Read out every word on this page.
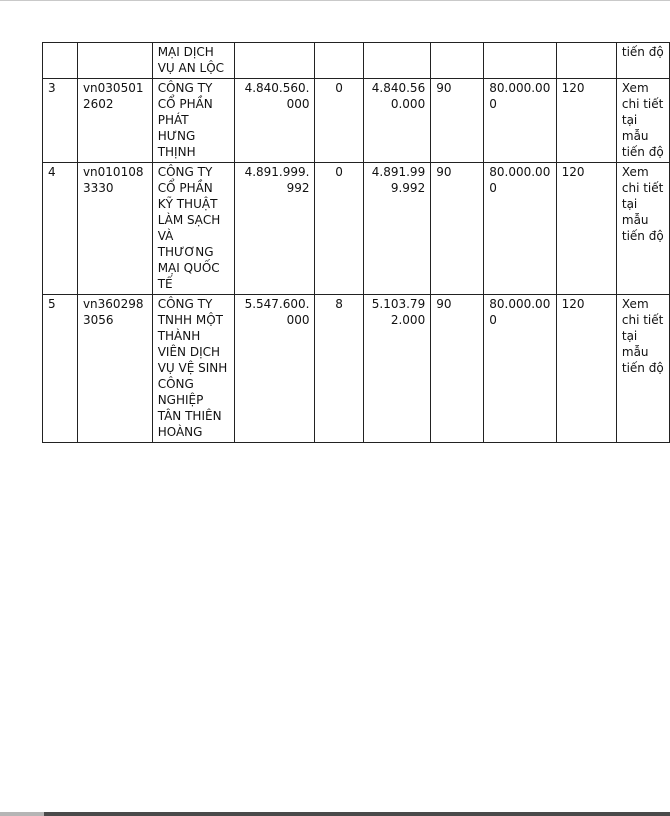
		MẠI DỊCH VỤ AN LỘC							tiến độ
3	vn0305012602	CÔNG TY CỔ PHẦN PHÁT HƯNG THỊNH	4.840.560.000	0	4.840.560.000	90	80.000.000	120	Xem chi tiết tại mẫu tiến độ
4	vn0101083330	CÔNG TY CỔ PHẦN KỸ THUẬT LÀM SẠCH VÀ THƯƠNG MẠI QUỐC TẾ	4.891.999.992	0	4.891.999.992	90	80.000.000	120	Xem chi tiết tại mẫu tiến độ
5	vn3602983056	CÔNG TY TNHH MỘT THÀNH VIÊN DỊCH VỤ VỆ SINH CÔNG NGHIỆP TÂN THIÊN HOÀNG	5.547.600.000	8	5.103.792.000	90	80.000.000	120	Xem chi tiết tại mẫu tiến độ
